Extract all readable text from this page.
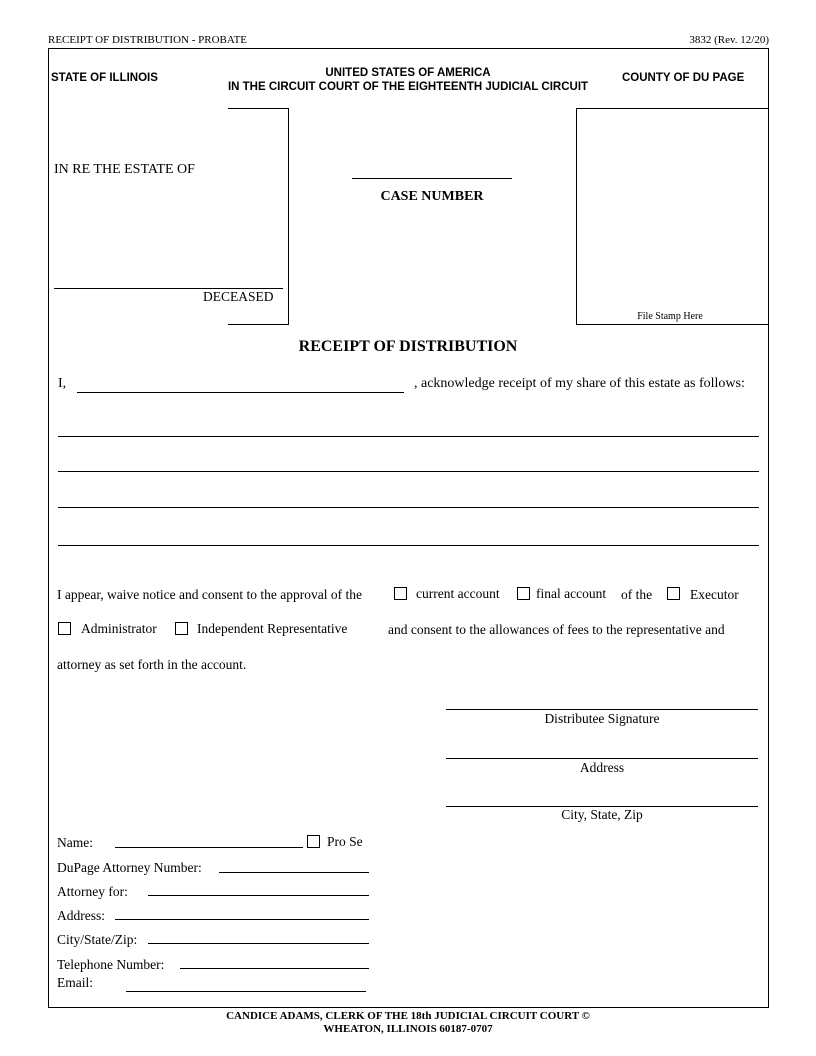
RECEIPT OF DISTRIBUTION - PROBATE	3832 (Rev. 12/20)
STATE OF ILLINOIS	UNITED STATES OF AMERICA
IN THE CIRCUIT COURT OF THE EIGHTEENTH JUDICIAL CIRCUIT
COUNTY OF DU PAGE
IN RE THE ESTATE OF
DECEASED
CASE NUMBER
File Stamp Here
RECEIPT OF DISTRIBUTION
I,	, acknowledge receipt of my share of this estate as follows:
I appear, waive notice and consent to the approval of the	current account	final account of the	Executor
Administrator	Independent Representative	and consent to the allowances of fees to the representative and
attorney as set forth in the account.
Distributee Signature
Address
City, State, Zip
Name:	Pro Se
DuPage Attorney Number:
Attorney for:
Address:
City/State/Zip:
Telephone Number:
Email:
CANDICE ADAMS, CLERK OF THE 18th JUDICIAL CIRCUIT COURT ©
WHEATON, ILLINOIS 60187-0707
